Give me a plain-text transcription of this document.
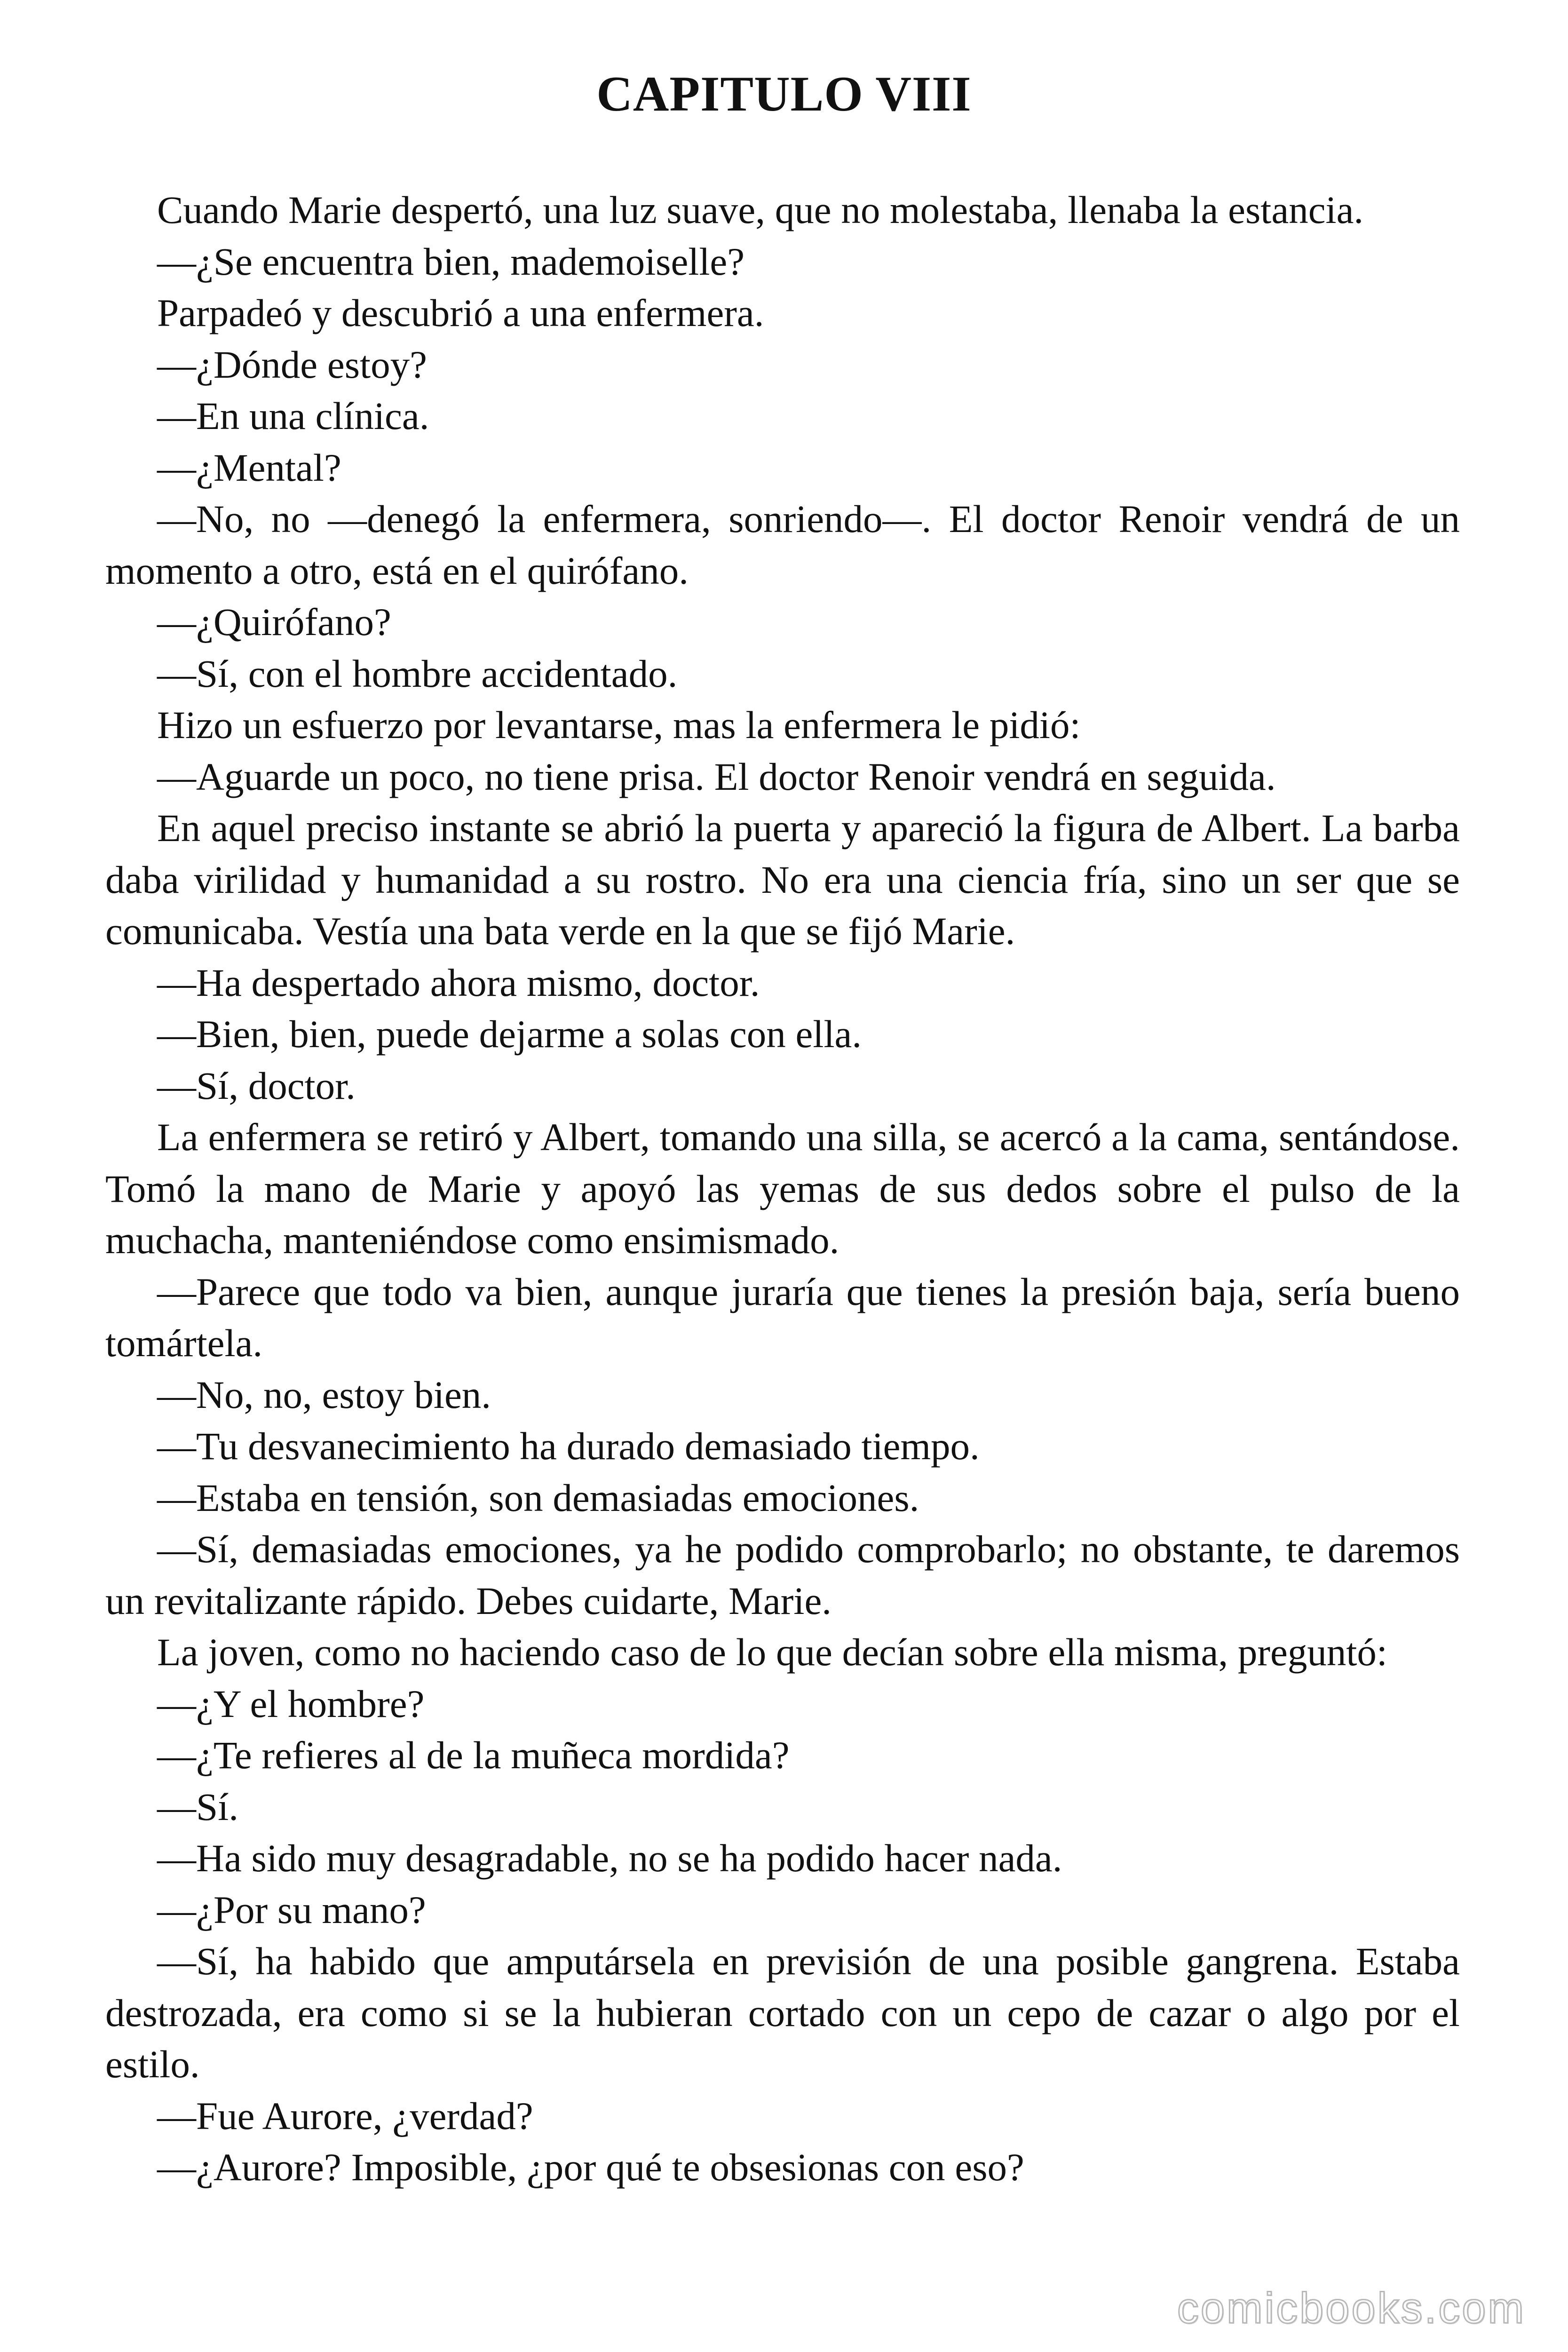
CAPITULO VIII

Cuando Marie despertó, una luz suave, que no molestaba, llenaba la estancia.

—¿Se encuentra bien, mademoiselle?

Parpadeó y descubrió a una enfermera.

—¿Dónde estoy?

—En una clínica.

—¿Mental?

—No, no —denegó la enfermera, sonriendo—. El doctor Renoir vendrá de un momento a otro, está en el quirófano.

—¿Quirófano?

—Sí, con el hombre accidentado.

Hizo un esfuerzo por levantarse, mas la enfermera le pidió:

—Aguarde un poco, no tiene prisa. El doctor Renoir vendrá en seguida.

En aquel preciso instante se abrió la puerta y apareció la figura de Albert. La barba daba virilidad y humanidad a su rostro. No era una ciencia fría, sino un ser que se comunicaba. Vestía una bata verde en la que se fijó Marie.

—Ha despertado ahora mismo, doctor.

—Bien, bien, puede dejarme a solas con ella.

—Sí, doctor.

La enfermera se retiró y Albert, tomando una silla, se acercó a la cama, sentándose. Tomó la mano de Marie y apoyó las yemas de sus dedos sobre el pulso de la muchacha, manteniéndose como ensimismado.

—Parece que todo va bien, aunque juraría que tienes la presión baja, sería bueno tomártela.

—No, no, estoy bien.

—Tu desvanecimiento ha durado demasiado tiempo.

—Estaba en tensión, son demasiadas emociones.

—Sí, demasiadas emociones, ya he podido comprobarlo; no obstante, te daremos un revitalizante rápido. Debes cuidarte, Marie.

La joven, como no haciendo caso de lo que decían sobre ella misma, preguntó:

—¿Y el hombre?

—¿Te refieres al de la muñeca mordida?

—Sí.

—Ha sido muy desagradable, no se ha podido hacer nada.

—¿Por su mano?

—Sí, ha habido que amputársela en previsión de una posible gangrena. Estaba destrozada, era como si se la hubieran cortado con un cepo de cazar o algo por el estilo.

—Fue Aurore, ¿verdad?

—¿Aurore? Imposible, ¿por qué te obsesionas con eso?

comicbooks.com
